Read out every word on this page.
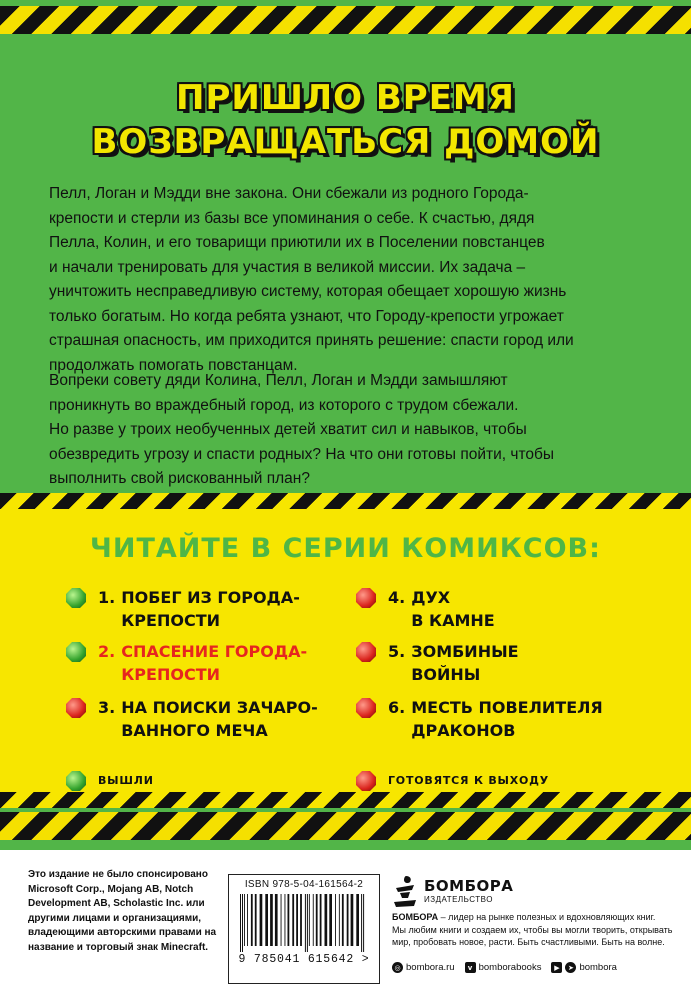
ПРИШЛО ВРЕМЯ
ВОЗВРАЩАТЬСЯ ДОМОЙ
Пелл, Логан и Мэдди вне закона. Они сбежали из родного Города-
крепости и стерли из базы все упоминания о себе. К счастью, дядя
Пелла, Колин, и его товарищи приютили их в Поселении повстанцев
и начали тренировать для участия в великой миссии. Их задача –
уничтожить несправедливую систему, которая обещает хорошую жизнь
только богатым. Но когда ребята узнают, что Городу-крепости угрожает
страшная опасность, им приходится принять решение: спасти город или
продолжать помогать повстанцам.
Вопреки совету дяди Колина, Пелл, Логан и Мэдди замышляют
проникнуть во враждебный город, из которого с трудом сбежали.
Но разве у троих необученных детей хватит сил и навыков, чтобы
обезвредить угрозу и спасти родных? На что они готовы пойти, чтобы
выполнить свой рискованный план?
ЧИТАЙТЕ В СЕРИИ КОМИКСОВ:
1. ПОБЕГ ИЗ ГОРОДА-
КРЕПОСТИ
2. СПАСЕНИЕ ГОРОДА-
КРЕПОСТИ
3. НА ПОИСКИ ЗАЧАРО-
ВАННОГО МЕЧА
4. ДУХ
В КАМНЕ
5. ЗОМБИНЫЕ
ВОЙНЫ
6. МЕСТЬ ПОВЕЛИТЕЛЯ
ДРАКОНОВ
ВЫШЛИ	ГОТОВЯТСЯ К ВЫХОДУ
Это издание не было спонсировано
Microsoft Corp., Mojang AB, Notch
Development AB, Scholastic Inc. или
другими лицами и организациями,
владеющими авторскими правами на
название и торговый знак Minecraft.
ISBN 978-5-04-161564-2
9 785041 615642 >
БОМБОРА
ИЗДАТЕЛЬСТВО
БОМБОРА – лидер на рынке полезных и вдохновляющих книг.
Мы любим книги и создаем их, чтобы вы могли творить, открывать
мир, пробовать новое, расти. Быть счастливыми. Быть на волне.
◎ bombora.ru	v bomborabooks	▶	➤ bombora
